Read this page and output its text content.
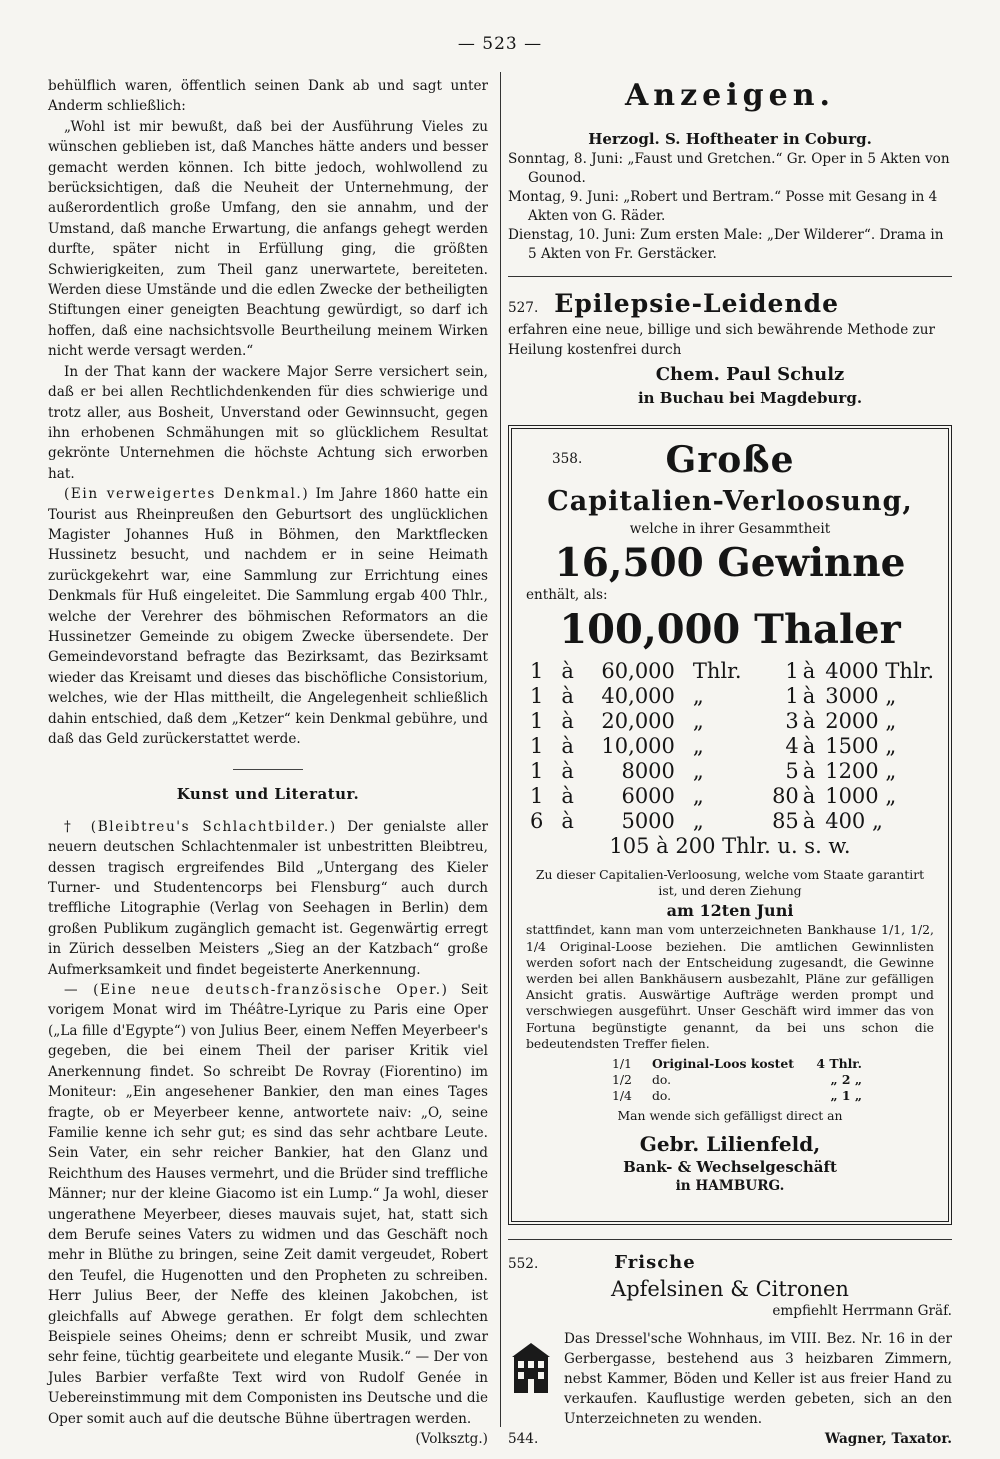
— 523 —

behülflich waren, öffentlich seinen Dank ab und sagt unter Anderm schließlich:

„Wohl ist mir bewußt, daß bei der Ausführung Vieles zu wünschen geblieben ist, daß Manches hätte anders und besser gemacht werden können. Ich bitte jedoch, wohlwollend zu berücksichtigen, daß die Neuheit der Unternehmung, der außerordentlich große Umfang, den sie annahm, und der Umstand, daß manche Erwartung, die anfangs gehegt werden durfte, später nicht in Erfüllung ging, die größten Schwierigkeiten, zum Theil ganz unerwartete, bereiteten. Werden diese Umstände und die edlen Zwecke der betheiligten Stiftungen einer geneigten Beachtung gewürdigt, so darf ich hoffen, daß eine nachsichtsvolle Beurtheilung meinem Wirken nicht werde versagt werden.“

In der That kann der wackere Major Serre versichert sein, daß er bei allen Rechtlichdenkenden für dies schwierige und trotz aller, aus Bosheit, Unverstand oder Gewinnsucht, gegen ihn erhobenen Schmähungen mit so glücklichem Resultat gekrönte Unternehmen die höchste Achtung sich erworben hat.

(Ein verweigertes Denkmal.) Im Jahre 1860 hatte ein Tourist aus Rheinpreußen den Geburtsort des unglücklichen Magister Johannes Huß in Böhmen, den Marktflecken Hussinetz besucht, und nachdem er in seine Heimath zurückgekehrt war, eine Sammlung zur Errichtung eines Denkmals für Huß eingeleitet. Die Sammlung ergab 400 Thlr., welche der Verehrer des böhmischen Reformators an die Hussinetzer Gemeinde zu obigem Zwecke übersendete. Der Gemeindevorstand befragte das Bezirksamt, das Bezirksamt wieder das Kreisamt und dieses das bischöfliche Consistorium, welches, wie der Hlas mittheilt, die Angelegenheit schließlich dahin entschied, daß dem „Ketzer“ kein Denkmal gebühre, und daß das Geld zurückerstattet werde.

Kunst und Literatur.

† (Bleibtreu's Schlachtbilder.) Der genialste aller neuern deutschen Schlachtenmaler ist unbestritten Bleibtreu, dessen tragisch ergreifendes Bild „Untergang des Kieler Turner- und Studentencorps bei Flensburg“ auch durch treffliche Litographie (Verlag von Seehagen in Berlin) dem großen Publikum zugänglich gemacht ist. Gegenwärtig erregt in Zürich desselben Meisters „Sieg an der Katzbach“ große Aufmerksamkeit und findet begeisterte Anerkennung.

— (Eine neue deutsch-französische Oper.) Seit vorigem Monat wird im Théâtre-Lyrique zu Paris eine Oper („La fille d'Egypte“) von Julius Beer, einem Neffen Meyerbeer's gegeben, die bei einem Theil der pariser Kritik viel Anerkennung findet. So schreibt De Rovray (Fiorentino) im Moniteur: „Ein angesehener Bankier, den man eines Tages fragte, ob er Meyerbeer kenne, antwortete naiv: „O, seine Familie kenne ich sehr gut; es sind das sehr achtbare Leute. Sein Vater, ein sehr reicher Bankier, hat den Glanz und Reichthum des Hauses vermehrt, und die Brüder sind treffliche Männer; nur der kleine Giacomo ist ein Lump.“ Ja wohl, dieser ungerathene Meyerbeer, dieses mauvais sujet, hat, statt sich dem Berufe seines Vaters zu widmen und das Geschäft noch mehr in Blüthe zu bringen, seine Zeit damit vergeudet, Robert den Teufel, die Hugenotten und den Propheten zu schreiben. Herr Julius Beer, der Neffe des kleinen Jakobchen, ist gleichfalls auf Abwege gerathen. Er folgt dem schlechten Beispiele seines Oheims; denn er schreibt Musik, und zwar sehr feine, tüchtig gearbeitete und elegante Musik.“ — Der von Jules Barbier verfaßte Text wird von Rudolf Genée in Uebereinstimmung mit dem Componisten ins Deutsche und die Oper somit auch auf die deutsche Bühne übertragen werden.
(Volksztg.)

Anzeigen.
Herzogl. S. Hoftheater in Coburg.

Sonntag, 8. Juni: „Faust und Gretchen.“ Gr. Oper in 5 Akten von Gounod.

Montag, 9. Juni: „Robert und Bertram.“ Posse mit Gesang in 4 Akten von G. Räder.

Dienstag, 10. Juni: Zum ersten Male: „Der Wilderer“. Drama in 5 Akten von Fr. Gerstäcker.

527. Epilepsie-Leidende
erfahren eine neue, billige und sich bewährende Methode zur Heilung kostenfrei durch
Chem. Paul Schulz
in Buchau bei Magdeburg.
358. Große
Capitalien-Verloosung,
welche in ihrer Gesammtheit
16,500 Gewinne
enthält, als:
100,000 Thaler
1	à	60,000	Thlr.	1	à	4000 Thlr.
1	à	40,000	„	1	à	3000 „
1	à	20,000	„	3	à	2000 „
1	à	10,000	„	4	à	1500 „
1	à	8000	„	5	à	1200 „
1	à	6000	„	80	à	1000 „
6	à	5000	„	85	à	400 „
105 à 200 Thlr. u. s. w.
Zu dieser Capitalien-Verloosung, welche vom Staate garantirt ist, und deren Ziehung
am 12ten Juni
stattfindet, kann man vom unterzeichneten Bankhause 1/1, 1/2, 1/4 Original-Loose beziehen. Die amtlichen Gewinnlisten werden sofort nach der Entscheidung zugesandt, die Gewinne werden bei allen Bankhäusern ausbezahlt, Pläne zur gefälligen Ansicht gratis. Auswärtige Aufträge werden prompt und verschwiegen ausgeführt. Unser Geschäft wird immer das von Fortuna begünstigte genannt, da bei uns schon die bedeutendsten Treffer fielen.
1/1	Original-Loos kostet	4 Thlr.
1/2	do.	„ 2 „
1/4	do.	„ 1 „
Man wende sich gefälligst direct an
Gebr. Lilienfeld,
Bank- & Wechselgeschäft
in HAMBURG.
552.	Frische
Apfelsinen & Citronen
empfiehlt Herrmann Gräf.
Das Dressel'sche Wohnhaus, im VIII. Bez. Nr. 16 in der Gerbergasse, bestehend aus 3 heizbaren Zimmern, nebst Kammer, Böden und Keller ist aus freier Hand zu verkaufen. Kauflustige werden gebeten, sich an den Unterzeichneten zu wenden.
544.	Wagner, Taxator.
